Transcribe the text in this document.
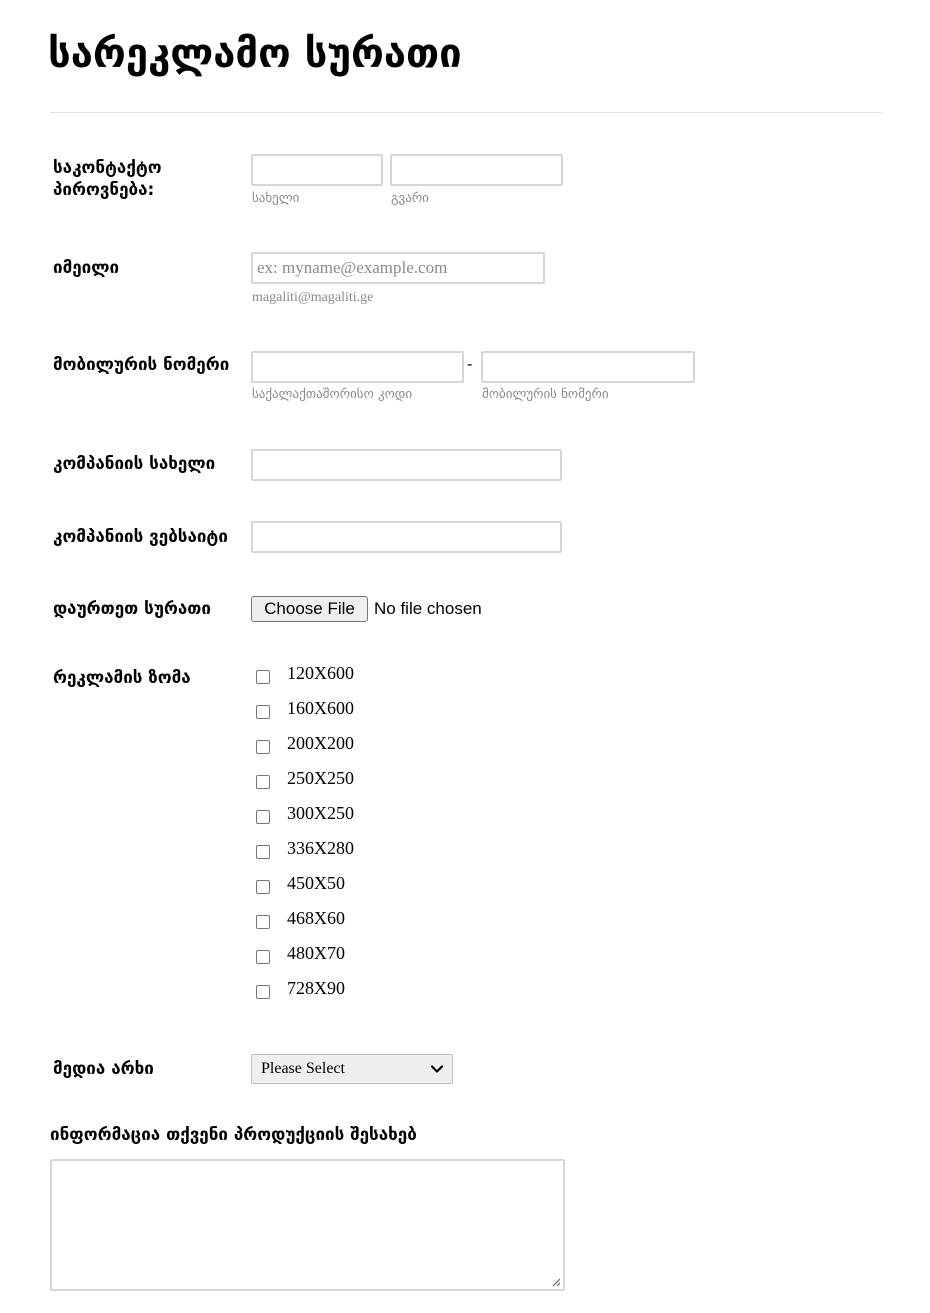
სარეკლამო სურათი
საკონტაქტო პიროვნება:	სახელი	გვარი
იმეილი
ex: myname@example.com
magaliti@magaliti.ge
მობილურის ნომერი	-
საქალაქთაშორისო კოდი	მობილურის ნომერი
კომპანიის სახელი
კომპანიის ვებსაიტი
დაურთეთ სურათი	Choose File	No file chosen
რეკლამის ზომა	120X600
160X600
200X200
250X250
300X250
336X280
450X50
468X60
480X70
728X90
მედია არხი	Please Select
ინფორმაცია თქვენი პროდუქციის შესახებ
